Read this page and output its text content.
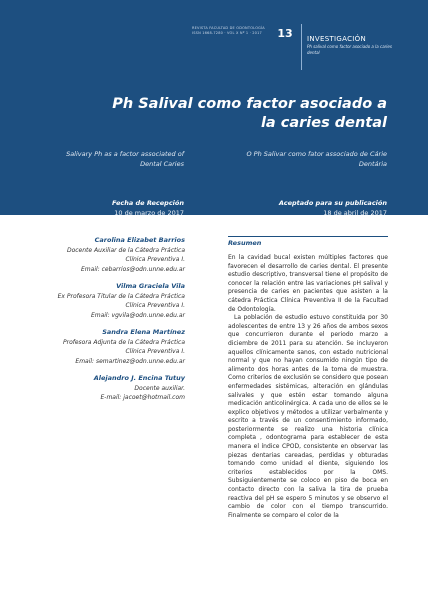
REVISTA FACULTAD DE ODONTOLOGÍA
ISSN 1668-7280 · VOL X Nº 1 · 2017	13	INVESTIGACIÓN
Ph salival como factor asociado a la caries dental
Ph Salival como factor asociado a la caries dental
Salivary Ph as a factor associated of Dental Caries
O Ph Salivar como fator associado de Cárie Dentária
Fecha de Recepción
10 de marzo de 2017
Aceptado para su publicación
18 de abril de 2017
Carolina Elizabet Barrios
Docente Auxiliar de la Cátedra Práctica
Clínica Preventiva I.
Email: cebarrios@odn.unne.edu.ar
Vilma Graciela Vila
Ex Profesora Titular de la Cátedra Práctica
Clínica Preventiva I.
Email: vgvila@odn.unne.edu.ar
Sandra Elena Martínez
Profesora Adjunta de la Cátedra Práctica
Clínica Preventiva I.
Email: semartinez@odn.unne.edu.ar
Alejandro J. Encina Tutuy
Docente auxiliar.
E-mail: jacoet@hotmail.com
Resumen

En la cavidad bucal existen múltiples factores que favorecen el desarrollo de caries dental. El presente estudio descriptivo, transversal tiene el propósito de conocer la relación entre las variaciones pH salival y presencia de caries en pacientes que asisten a la cátedra Práctica Clínica Preventiva II de la Facultad de Odontología.

La población de estudio estuvo constituida por 30 adolescentes de entre 13 y 26 años de ambos sexos que concurrieron durante el periodo marzo a diciembre de 2011 para su atención. Se incluyeron aquellos clínicamente sanos, con estado nutricional normal y que no hayan consumido ningún tipo de alimento dos horas antes de la toma de muestra. Como criterios de exclusión se considero que posean enfermedades sistémicas, alteración en glándulas salivales y que estén estar tomando alguna medicación anticolinérgica. A cada uno de ellos se le explico objetivos y métodos a utilizar verbalmente y escrito a través de un consentimiento informado, posteriormente se realizo una historia clínica completa , odontograma para establecer de esta manera el índice CPOD, consistente en observar las piezas dentarias careadas, perdidas y obturadas tomando como unidad el diente, siguiendo los criterios establecidos por la OMS. Subsiguientemente se coloco en piso de boca en contacto directo con la saliva la tira de prueba reactiva del pH se espero 5 minutos y se observo el cambio de color con el tiempo transcurrido. Finalmente se comparo el color de la
